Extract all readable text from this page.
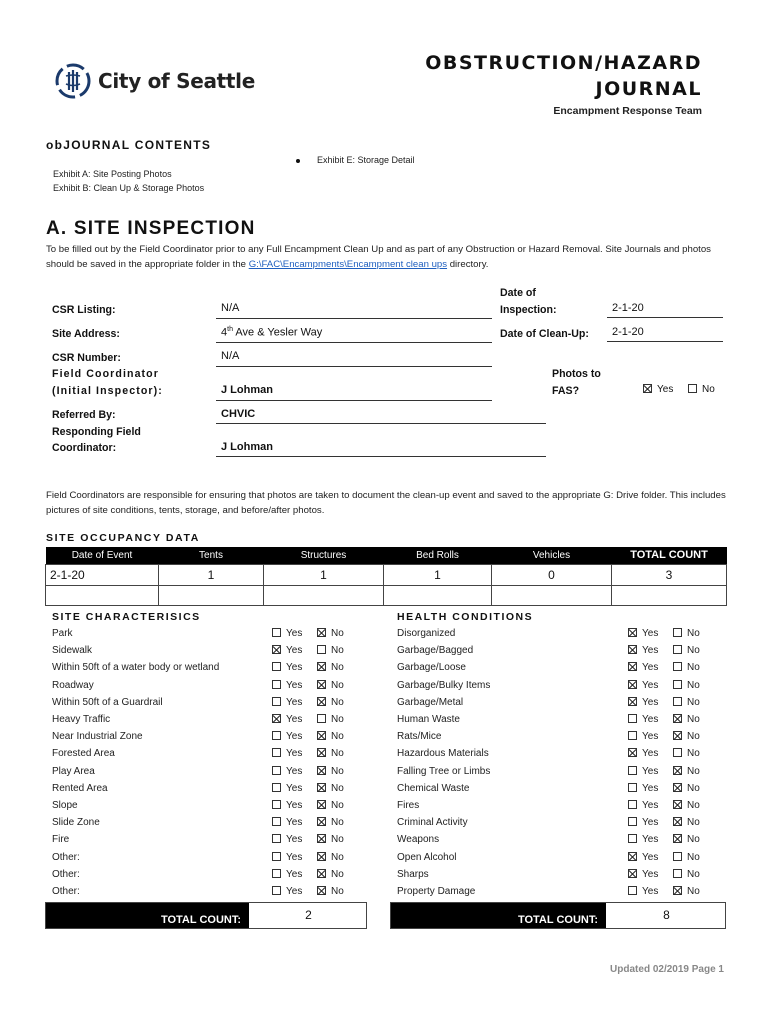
City of Seattle
OBSTRUCTION/HAZARD
JOURNAL
Encampment Response Team
obJOURNAL CONTENTS
Exhibit A: Site Posting Photos
Exhibit B: Clean Up & Storage Photos
Exhibit E: Storage Detail
A. SITE INSPECTION
To be filled out by the Field Coordinator prior to any Full Encampment Clean Up and as part of any Obstruction or Hazard Removal. Site Journals and photos should be saved in the appropriate folder in the G:\FAC\Encampments\Encampment clean ups directory.
CSR Listing:	N/A
Date of
Inspection:	2-1-20
Site Address:	4th Ave & Yesler Way	Date of Clean-Up: 2-1-20
CSR Number:	N/A
Field Coordinator
(Initial Inspector):	J Lohman
Photos to
FAS?	Yes	No
Referred By:	CHVIC
Responding Field
Coordinator:	J Lohman
Field Coordinators are responsible for ensuring that photos are taken to document the clean-up event and saved to the appropriate G: Drive folder. This includes pictures of site conditions, tents, storage, and before/after photos.
SITE OCCUPANCY DATA
Date of Event	Tents	Structures	Bed Rolls	Vehicles	TOTAL COUNT
2-1-20	1	1	1	0	3

SITE CHARACTERISICS	HEALTH CONDITIONS
Park	Yes	No
Sidewalk	Yes	No
Within 50ft of a water body or wetland	Yes	No
Roadway	Yes	No
Within 50ft of a Guardrail	Yes	No
Heavy Traffic	Yes	No
Near Industrial Zone	Yes	No
Forested Area	Yes	No
Play Area	Yes	No
Rented Area	Yes	No
Slope	Yes	No
Slide Zone	Yes	No
Fire	Yes	No
Other:	Yes	No
Other:	Yes	No
Other:	Yes	No
Disorganized	Yes	No
Garbage/Bagged	Yes	No
Garbage/Loose	Yes	No
Garbage/Bulky Items	Yes	No
Garbage/Metal	Yes	No
Human Waste	Yes	No
Rats/Mice	Yes	No
Hazardous Materials	Yes	No
Falling Tree or Limbs	Yes	No
Chemical Waste	Yes	No
Fires	Yes	No
Criminal Activity	Yes	No
Weapons	Yes	No
Open Alcohol	Yes	No
Sharps	Yes	No
Property Damage	Yes	No
TOTAL COUNT:	2	TOTAL COUNT:	8
Updated 02/2019 Page 1
